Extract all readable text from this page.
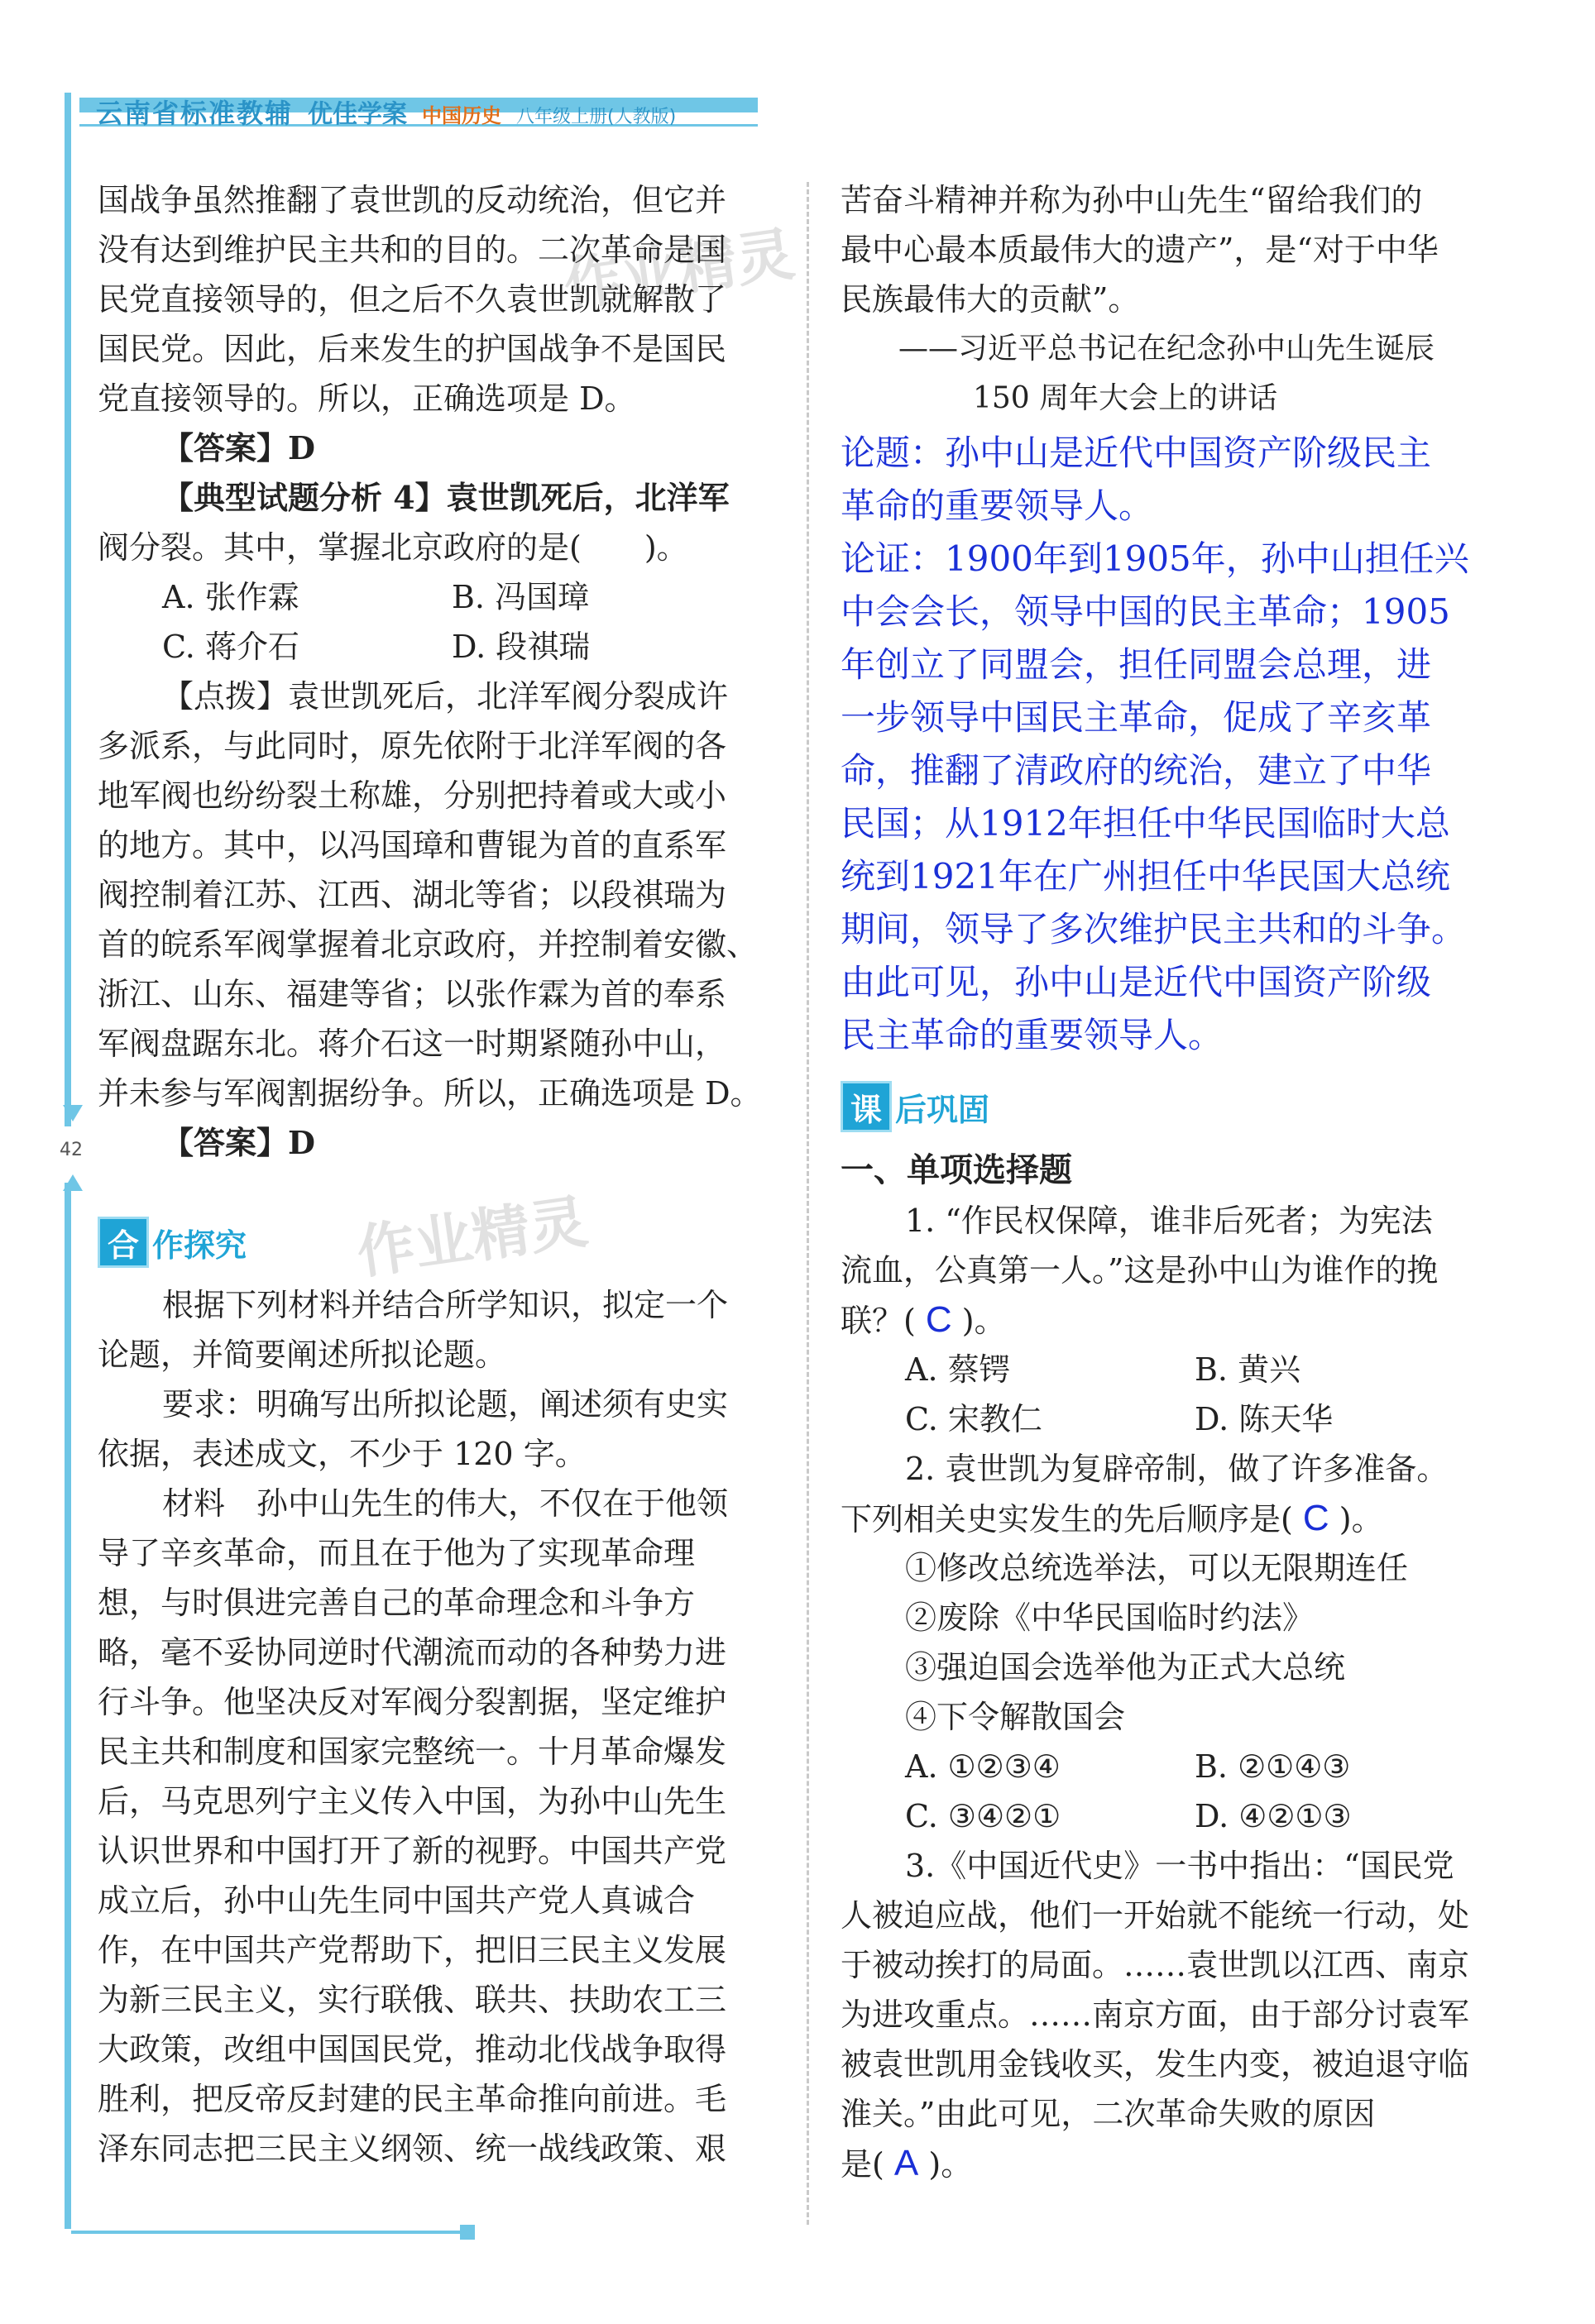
云南省标准教辅 优佳学案 中国历史 八年级上册(人教版)
42
作业精灵
作业精灵
国战争虽然推翻了袁世凯的反动统治，但它并
没有达到维护民主共和的目的。二次革命是国
民党直接领导的，但之后不久袁世凯就解散了
国民党。因此，后来发生的护国战争不是国民
党直接领导的。所以，正确选项是 D。
【答案】D
【典型试题分析 4】袁世凯死后，北洋军
阀分裂。其中，掌握北京政府的是(　　)。
A. 张作霖	B. 冯国璋
C. 蒋介石	D. 段祺瑞
【点拨】袁世凯死后，北洋军阀分裂成许
多派系，与此同时，原先依附于北洋军阀的各
地军阀也纷纷裂土称雄，分别把持着或大或小
的地方。其中，以冯国璋和曹锟为首的直系军
阀控制着江苏、江西、湖北等省；以段祺瑞为
首的皖系军阀掌握着北京政府，并控制着安徽、
浙江、山东、福建等省；以张作霖为首的奉系
军阀盘踞东北。蒋介石这一时期紧随孙中山，
并未参与军阀割据纷争。所以，正确选项是 D。
【答案】D
合 作探究
根据下列材料并结合所学知识，拟定一个
论题，并简要阐述所拟论题。
要求：明确写出所拟论题，阐述须有史实
依据，表述成文，不少于 120 字。
材料　孙中山先生的伟大，不仅在于他领
导了辛亥革命，而且在于他为了实现革命理
想，与时俱进完善自己的革命理念和斗争方
略，毫不妥协同逆时代潮流而动的各种势力进
行斗争。他坚决反对军阀分裂割据，坚定维护
民主共和制度和国家完整统一。十月革命爆发
后，马克思列宁主义传入中国，为孙中山先生
认识世界和中国打开了新的视野。中国共产党
成立后，孙中山先生同中国共产党人真诚合
作，在中国共产党帮助下，把旧三民主义发展
为新三民主义，实行联俄、联共、扶助农工三
大政策，改组中国国民党，推动北伐战争取得
胜利，把反帝反封建的民主革命推向前进。毛
泽东同志把三民主义纲领、统一战线政策、艰
苦奋斗精神并称为孙中山先生“留给我们的
最中心最本质最伟大的遗产”，是“对于中华
民族最伟大的贡献”。
——习近平总书记在纪念孙中山先生诞辰
150 周年大会上的讲话
论题：孙中山是近代中国资产阶级民主
革命的重要领导人。
论证：1900年到1905年，孙中山担任兴
中会会长，领导中国的民主革命；1905
年创立了同盟会，担任同盟会总理，进
一步领导中国民主革命，促成了辛亥革
命，推翻了清政府的统治，建立了中华
民国；从1912年担任中华民国临时大总
统到1921年在广州担任中华民国大总统
期间，领导了多次维护民主共和的斗争。
由此可见，孙中山是近代中国资产阶级
民主革命的重要领导人。
课 后巩固
一、单项选择题
1. “作民权保障，谁非后死者；为宪法
流血，公真第一人。”这是孙中山为谁作的挽
联？( C )。
A. 蔡锷	B. 黄兴
C. 宋教仁	D. 陈天华
2. 袁世凯为复辟帝制，做了许多准备。
下列相关史实发生的先后顺序是( C )。
①修改总统选举法，可以无限期连任
②废除《中华民国临时约法》
③强迫国会选举他为正式大总统
④下令解散国会
A. ①②③④	B. ②①④③
C. ③④②①	D. ④②①③
3.《中国近代史》一书中指出：“国民党
人被迫应战，他们一开始就不能统一行动，处
于被动挨打的局面。……袁世凯以江西、南京
为进攻重点。……南京方面，由于部分讨袁军
被袁世凯用金钱收买，发生内变，被迫退守临
淮关。”由此可见，二次革命失败的原因
是( A )。
